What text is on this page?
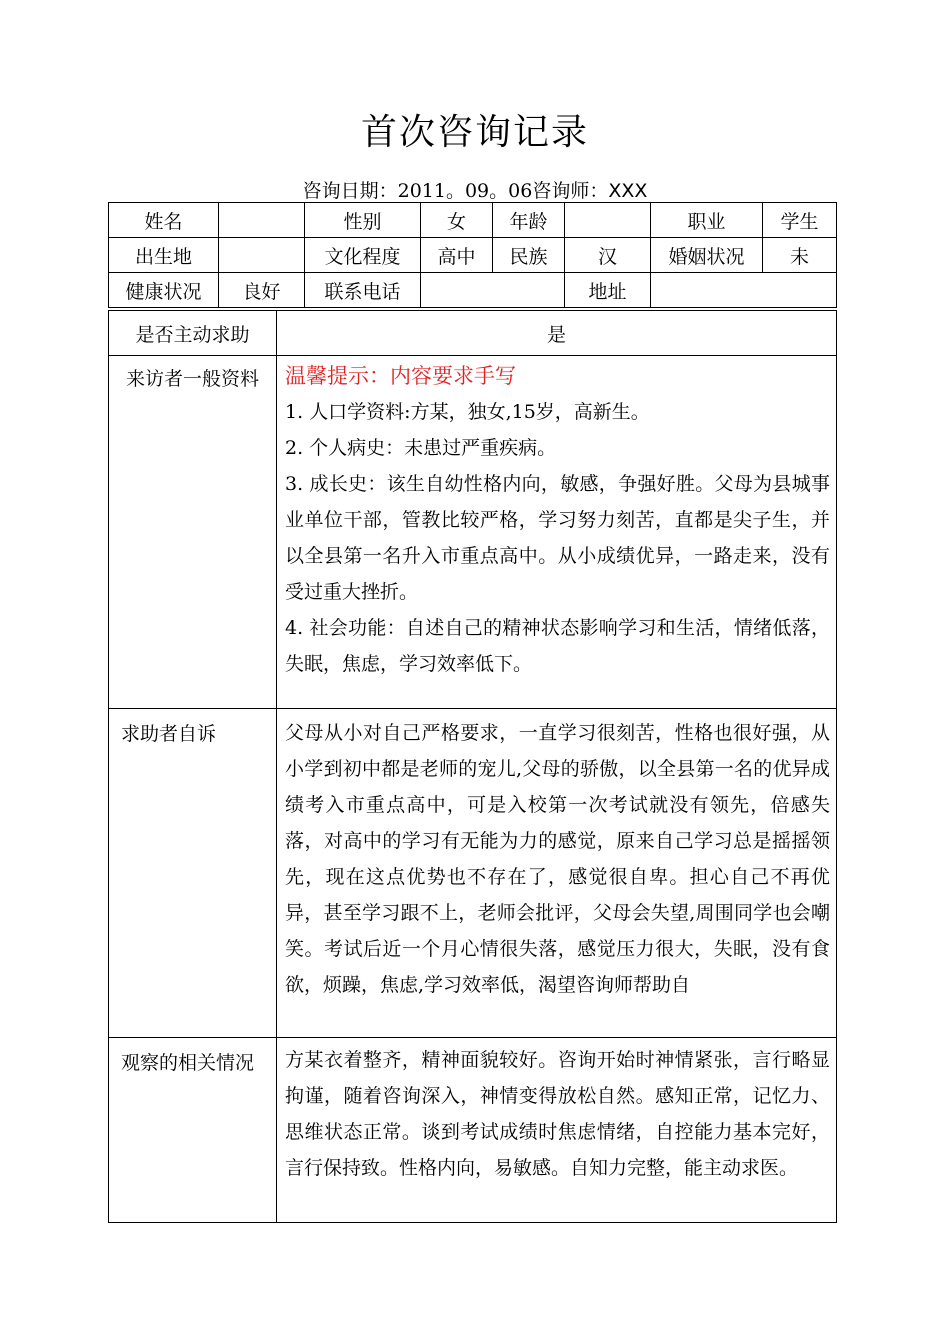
首次咨询记录
咨询日期：2011。09。06咨询师：XXX
姓名		性别	女	年龄		职业	学生
出生地		文化程度	高中	民族	汉	婚姻状况	未
健康状况	良好	联系电话			地址		
是否主动求助	是
来访者一般资料	温馨提示：内容要求手写

1. 人口学资料:方某，独女,15岁，高新生。

2. 个人病史：未患过严重疾病。

3. 成长史：该生自幼性格内向，敏感，争强好胜。父母为县城事业单位干部，管教比较严格，学习努力刻苦，直都是尖子生，并以全县第一名升入市重点高中。从小成绩优异，一路走来，没有受过重大挫折。

4. 社会功能：自述自己的精神状态影响学习和生活，情绪低落，失眠，焦虑，学习效率低下。

求助者自诉	父母从小对自己严格要求，一直学习很刻苦，性格也很好强，从小学到初中都是老师的宠儿,父母的骄傲，以全县第一名的优异成绩考入市重点高中，可是入校第一次考试就没有领先，倍感失落，对高中的学习有无能为力的感觉，原来自己学习总是摇摇领先，现在这点优势也不存在了，感觉很自卑。担心自己不再优异，甚至学习跟不上，老师会批评，父母会失望,周围同学也会嘲笑。考试后近一个月心情很失落，感觉压力很大，失眠，没有食欲，烦躁，焦虑,学习效率低，渴望咨询师帮助自

观察的相关情况	方某衣着整齐，精神面貌较好。咨询开始时神情紧张，言行略显拘谨，随着咨询深入，神情变得放松自然。感知正常，记忆力、思维状态正常。谈到考试成绩时焦虑情绪，自控能力基本完好，言行保持致。性格内向，易敏感。自知力完整，能主动求医。
